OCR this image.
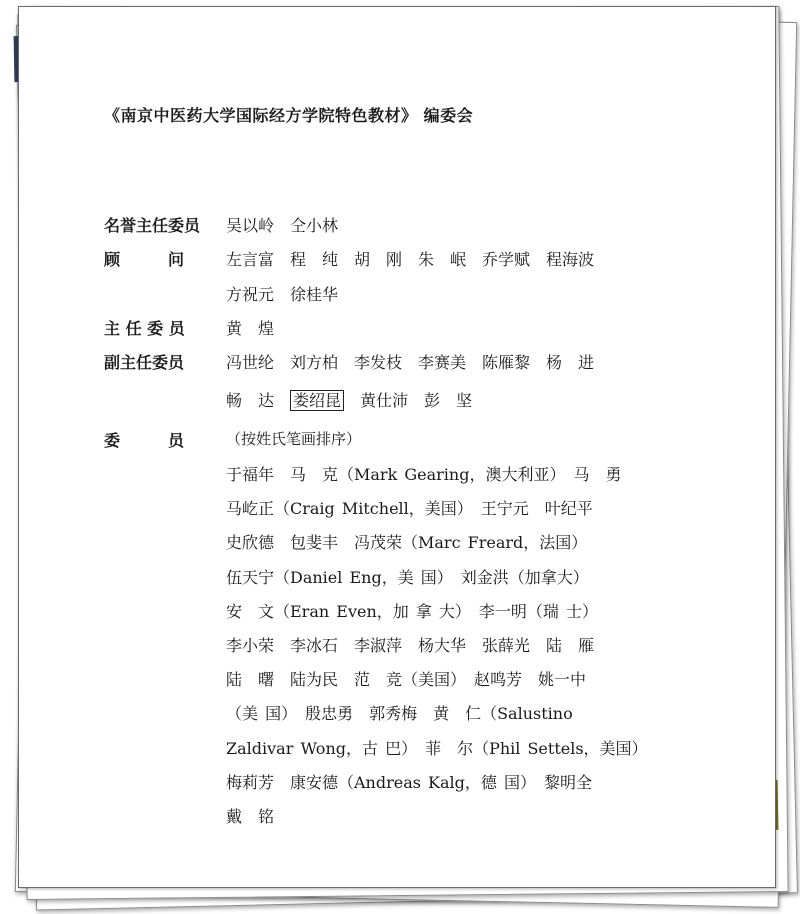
《南京中医药大学国际经方学院特色教材》 编委会
名誉主任委员 吴以岭　仝小林
顾　　　问	左言富　程　纯　胡　刚　朱　岷　乔学赋　程海波
方祝元　徐桂华
主 任 委 员	黄　煌
副主任委员	冯世纶　刘方柏　李发枝　李赛美　陈雁黎　杨　进
畅　达　 娄绍昆　 黄仕沛　彭　坚
委　　　员	（按姓氏笔画排序）
于福年　马　克（Mark Gearing，澳大利亚）　马　勇
马屹正（Craig Mitchell，美国）　王宁元　叶纪平
史欣德　包斐丰　冯茂荣（Marc Freard，法国）
伍天宁（Daniel Eng，美 国）　刘金洪（加拿大）
安　文（Eran Even，加 拿 大）　李一明（瑞 士）
李小荣　李冰石　李淑萍　杨大华　张薛光　陆　雁
陆　曙　陆为民　范　竞（美国）　赵鸣芳　姚一中
（美 国）　殷忠勇　郭秀梅　黄　仁（Salustino
Zaldivar Wong，古 巴）　菲　尔（Phil Settels，美国）
梅莉芳　康安德（Andreas Kalg，德 国）　黎明全
戴　铭
